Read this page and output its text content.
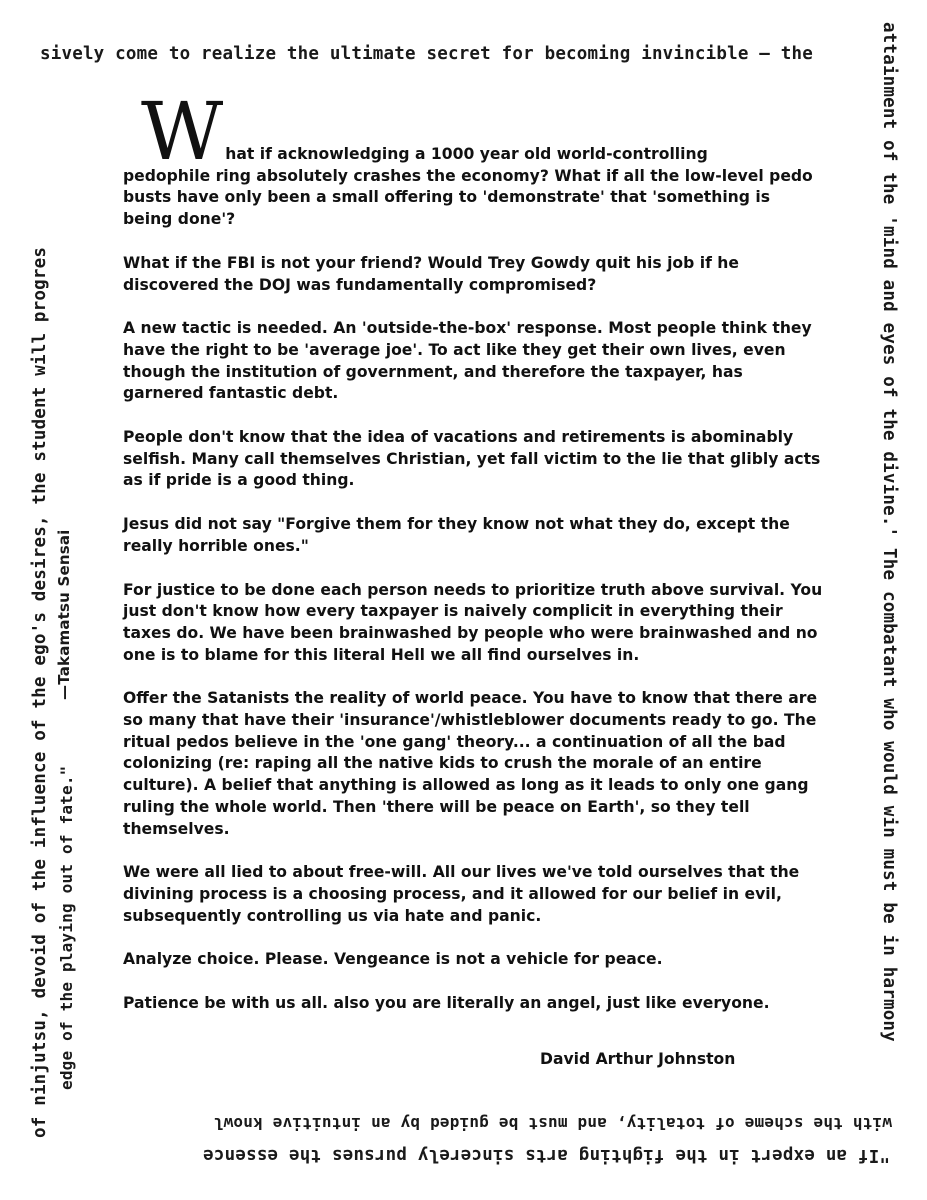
sively come to realize the ultimate secret for becoming invincible — the	attainment of the 'mind and eyes of the divine.' The combatant who would win must be in harmony
with the scheme of totality, and must be guided by an intuitive knowl
"If an expert in the fighting arts sincerely pursues the essence
of ninjutsu, devoid of the influence of the ego's desires, the student will progres edge of the playing out of fate."
—Takamatsu Sensai
W hat if acknowledging a 1000 year old world-controlling
pedophile ring absolutely crashes the economy? What if all the low-level pedo busts have only been a small offering to 'demonstrate' that 'something is being done'?

What if the FBI is not your friend? Would Trey Gowdy quit his job if he discovered the DOJ was fundamentally compromised?

A new tactic is needed. An 'outside-the-box' response. Most people think they have the right to be 'average joe'. To act like they get their own lives, even though the institution of government, and therefore the taxpayer, has garnered fantastic debt.

People don't know that the idea of vacations and retirements is abominably selfish. Many call themselves Christian, yet fall victim to the lie that glibly acts as if pride is a good thing.

Jesus did not say "Forgive them for they know not what they do, except the really horrible ones."

For justice to be done each person needs to prioritize truth above survival. You just don't know how every taxpayer is naively complicit in everything their taxes do. We have been brainwashed by people who were brainwashed and no one is to blame for this literal Hell we all find ourselves in.

Offer the Satanists the reality of world peace. You have to know that there are so many that have their 'insurance'/whistleblower documents ready to go. The ritual pedos believe in the 'one gang' theory... a continuation of all the bad colonizing (re: raping all the native kids to crush the morale of an entire culture). A belief that anything is allowed as long as it leads to only one gang ruling the whole world. Then 'there will be peace on Earth', so they tell themselves.

We were all lied to about free-will. All our lives we've told ourselves that the divining process is a choosing process, and it allowed for our belief in evil, subsequently controlling us via hate and panic.

Analyze choice. Please. Vengeance is not a vehicle for peace.

Patience be with us all. also you are literally an angel, just like everyone.

David Arthur Johnston
